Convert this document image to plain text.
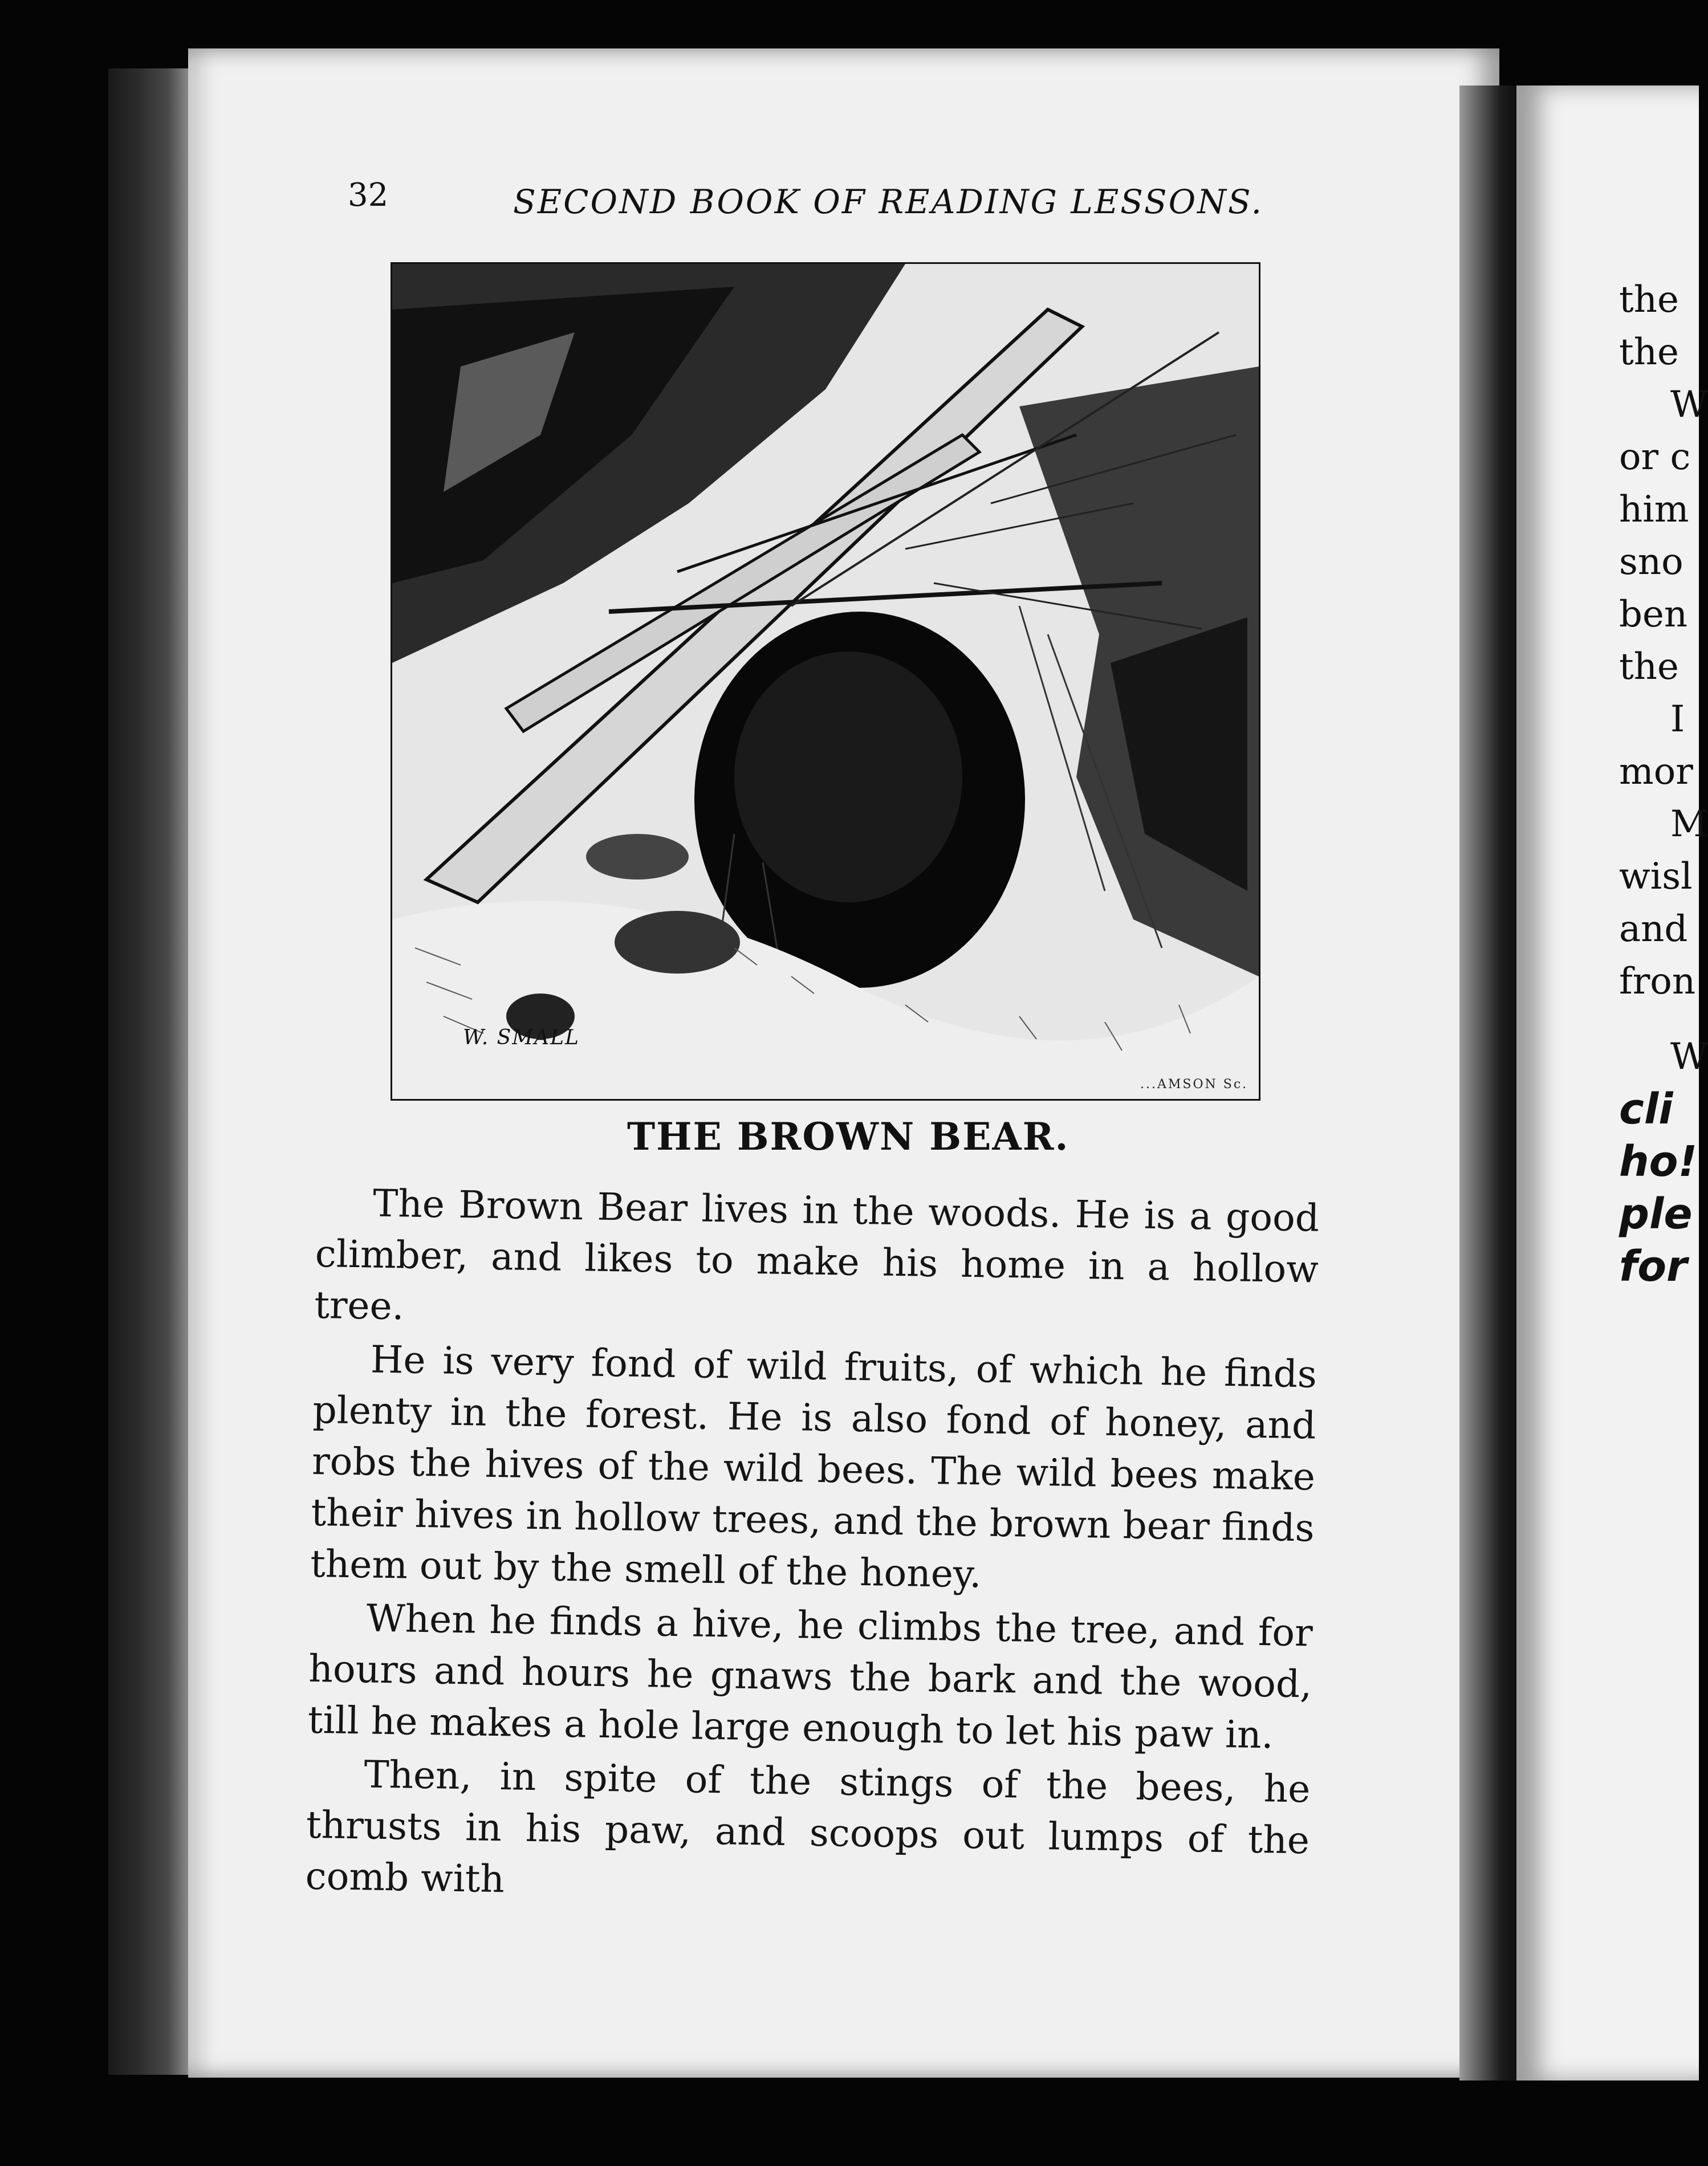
32	SECOND BOOK OF READING LESSONS.
W. SMALL
...AMSON Sc.
THE BROWN BEAR.

The Brown Bear lives in the woods. He is a good climber, and likes to make his home in a hollow tree.

He is very fond of wild fruits, of which he finds plenty in the forest. He is also fond of honey, and robs the hives of the wild bees. The wild bees make their hives in hollow trees, and the brown bear finds them out by the smell of the honey.

When he finds a hive, he climbs the tree, and for hours and hours he gnaws the bark and the wood, till he makes a hole large enough to let his paw in.

Then, in spite of the stings of the bees, he thrusts in his paw, and scoops out lumps of the comb with

the
the
W
or c
him
sno
ben
the
I
mor
M
wisl
and
fron
W
cli
ho!
ple
for
